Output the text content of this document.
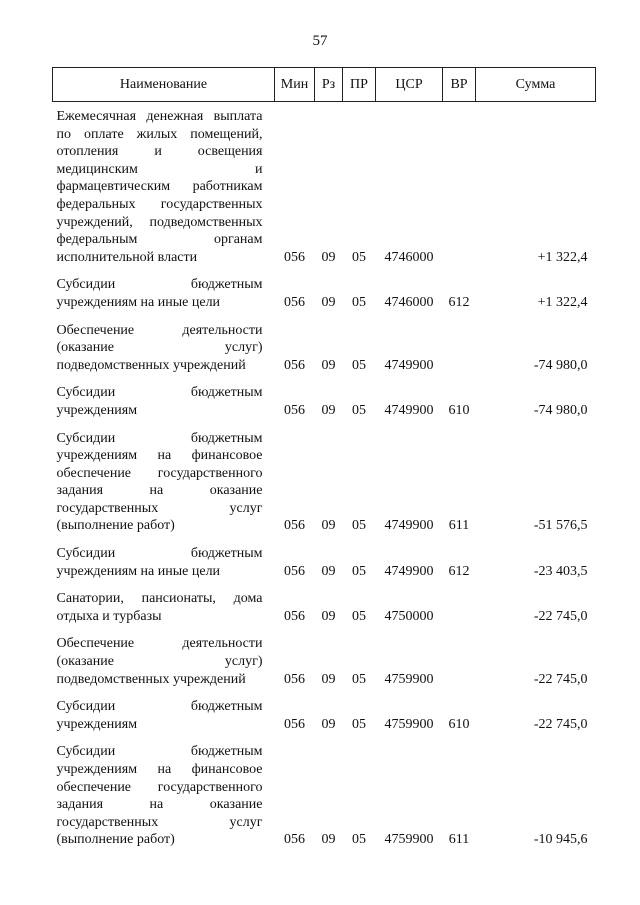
57
Наименование	Мин	Рз	ПР	ЦСР	ВР	Сумма
Ежемесячная денежная выплата по оплате жилых помещений, отопления и освещения медицинским и фармацевтическим работникам федеральных государственных учреждений, подведомственных федеральным органам исполнительной власти	056	09	05	4746000		+1 322,4
Субсидии бюджетным учреждениям на иные цели	056	09	05	4746000	612	+1 322,4
Обеспечение деятельности (оказание услуг) подведомственных учреждений	056	09	05	4749900		-74 980,0
Субсидии бюджетным учреждениям	056	09	05	4749900	610	-74 980,0
Субсидии бюджетным учреждениям на финансовое обеспечение государственного задания на оказание государственных услуг (выполнение работ)	056	09	05	4749900	611	-51 576,5
Субсидии бюджетным учреждениям на иные цели	056	09	05	4749900	612	-23 403,5
Санатории, пансионаты, дома отдыха и турбазы	056	09	05	4750000		-22 745,0
Обеспечение деятельности (оказание услуг) подведомственных учреждений	056	09	05	4759900		-22 745,0
Субсидии бюджетным учреждениям	056	09	05	4759900	610	-22 745,0
Субсидии бюджетным учреждениям на финансовое обеспечение государственного задания на оказание государственных услуг (выполнение работ)	056	09	05	4759900	611	-10 945,6
